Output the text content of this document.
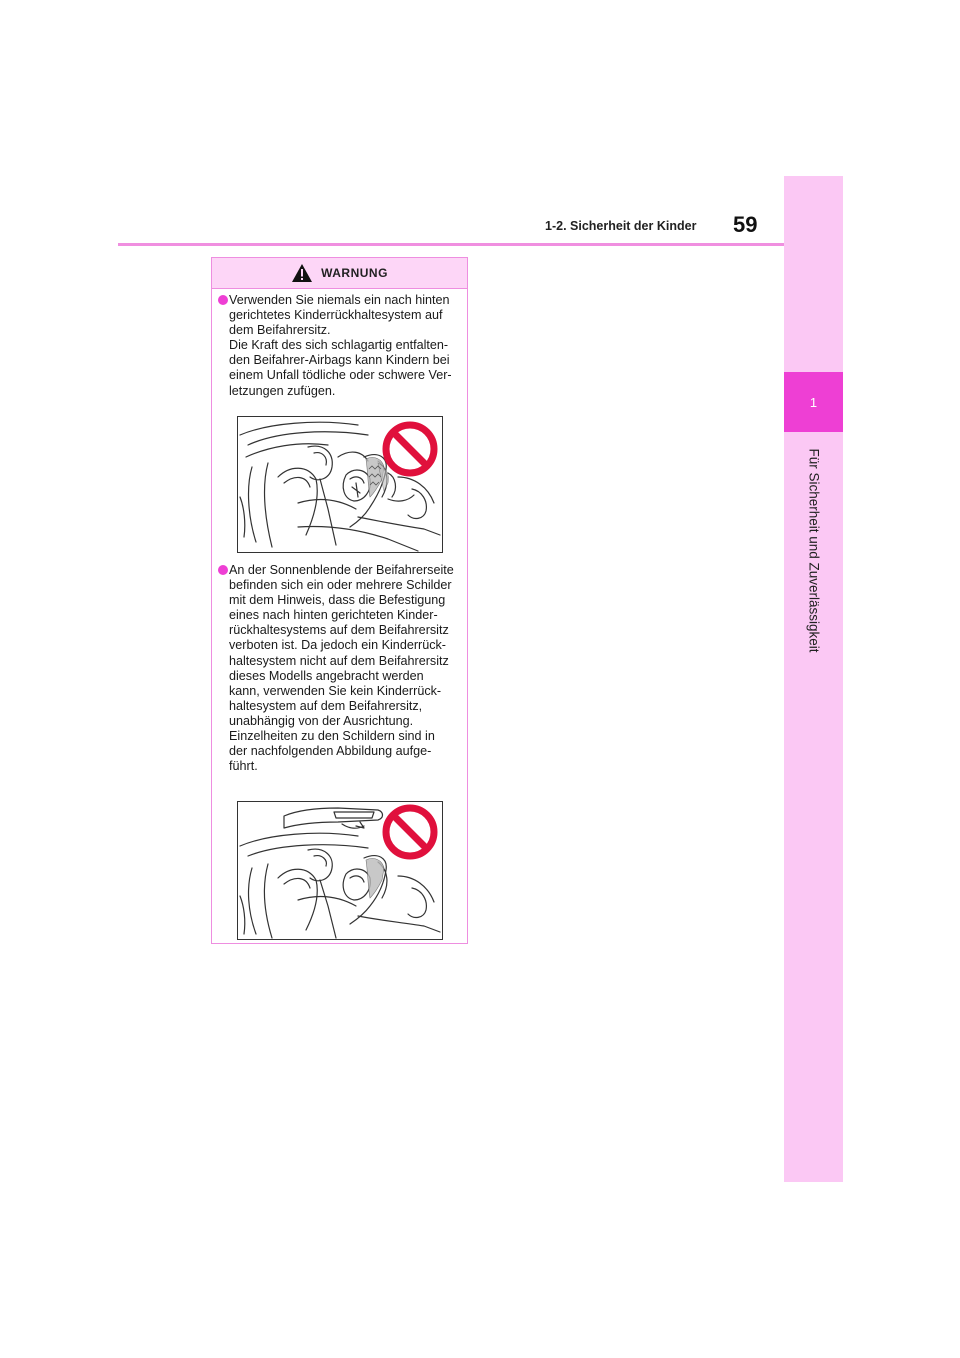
1
Für Sicherheit und Zuverlässigkeit
1-2. Sicherheit der Kinder 59
WARNUNG
Verwenden Sie niemals ein nach hinten
gerichtetes Kinderrückhaltesystem auf
dem Beifahrersitz.
Die Kraft des sich schlagartig entfalten-
den Beifahrer-Airbags kann Kindern bei
einem Unfall tödliche oder schwere Ver-
letzungen zufügen.
An der Sonnenblende der Beifahrerseite
befinden sich ein oder mehrere Schilder
mit dem Hinweis, dass die Befestigung
eines nach hinten gerichteten Kinder-
rückhaltesystems auf dem Beifahrersitz
verboten ist. Da jedoch ein Kinderrück-
haltesystem nicht auf dem Beifahrersitz
dieses Modells angebracht werden
kann, verwenden Sie kein Kinderrück-
haltesystem auf dem Beifahrersitz,
unabhängig von der Ausrichtung.
Einzelheiten zu den Schildern sind in
der nachfolgenden Abbildung aufge-
führt.
